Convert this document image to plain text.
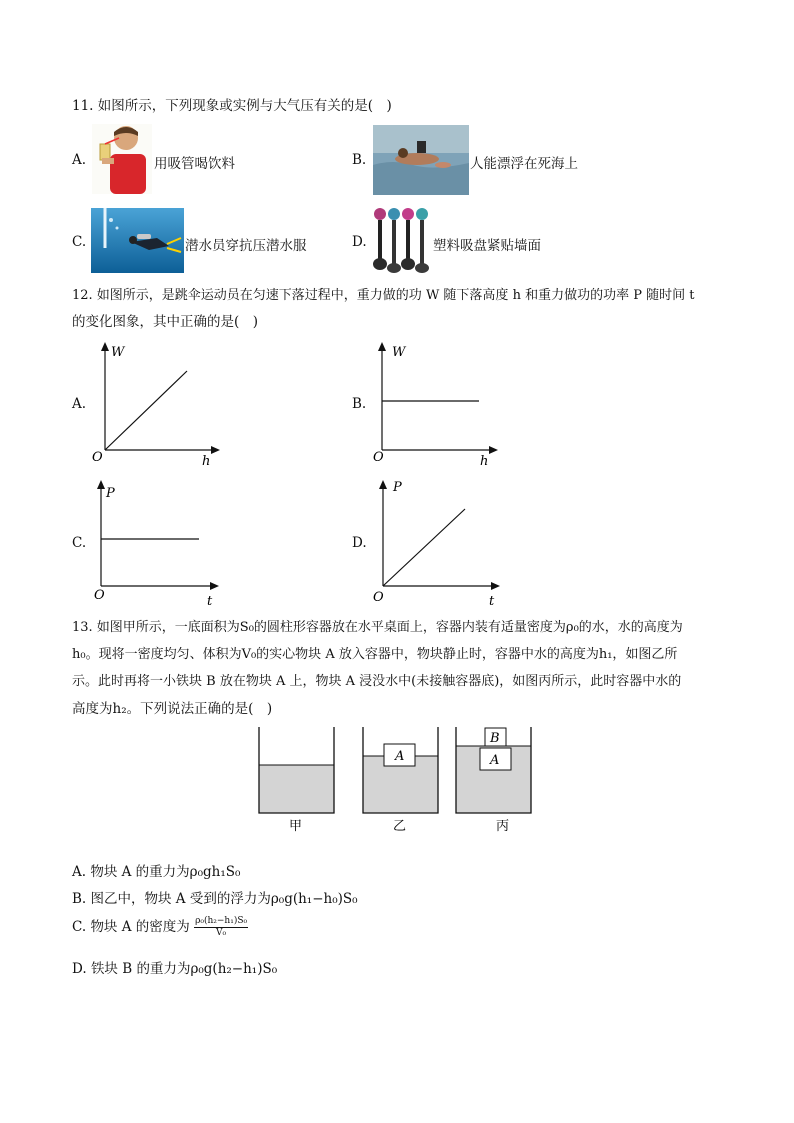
11. 如图所示，下列现象或实例与大气压有关的是(　)
A.	用吸管喝饮料	B.	人能漂浮在死海上
C.	潜水员穿抗压潜水服	D.	塑料吸盘紧贴墙面
12. 如图所示，是跳伞运动员在匀速下落过程中，重力做的功 W 随下落高度 h 和重力做功的功率 P 随时间 t
的变化图象，其中正确的是(　)
A.
W
h
O
B.
W
h
O
C.
P
t
O
D.
P
t
O
13. 如图甲所示，一底面积为S₀的圆柱形容器放在水平桌面上，容器内装有适量密度为ρ₀的水，水的高度为
h₀。现将一密度均匀、体积为V₀的实心物块 A 放入容器中，物块静止时，容器中水的高度为h₁，如图乙所
示。此时再将一小铁块 B 放在物块 A 上，物块 A 浸没水中(未接触容器底)，如图丙所示，此时容器中水的
高度为h₂。下列说法正确的是(　)
A
B
A
甲	乙	丙
A. 物块 A 的重力为ρ₀gh₁S₀
B. 图乙中，物块 A 受到的浮力为ρ₀g(h₁−h₀)S₀
C. 物块 A 的密度为 $\frac{\text{ρ₀(h₂−h₁)S₀}}{\text{V₀}}$
D. 铁块 B 的重力为ρ₀g(h₂−h₁)S₀
